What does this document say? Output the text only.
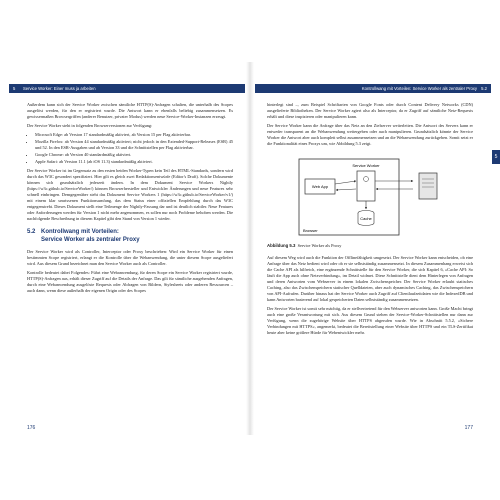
5 Service Worker: Einer muss ja arbeiten

Außerdem kann sich der Service Worker zwischen sämtliche HTTP(S)-Anfragen schalten, die unterhalb des Scopes ausgelöst werden, für den er registriert wurde. Die Antwort kann er ebenfalls beliebig zusammensetzen. Es gewissermaßen Browsergriffen (anderer Benutzer, privater Modus) werden neue Service-Worker-Instanzen erzeugt.

Der Service Worker steht in folgenden Browserversionen zur Verfügung:

• Microsoft Edge: ab Version 17 standardmäßig aktiviert, ab Version 15 per Flag aktivierbar.
• Mozilla Firefox: ab Version 44 standardmäßig aktiviert; nicht jedoch in den Extended-Support-Releases (ESR) 45 und 52. In den ESR-Ausgaben und ab Version 33 und die Schnittstellen per Flag aktivierbar.
• Google Chrome: ab Version 40 standardmäßig aktiviert.
• Apple Safari: ab Version 11.1 (ab iOS 11.3) standardmäßig aktiviert.

Der Service Worker ist im Gegensatz zu den ersten beiden Worker-Typen kein Teil des HTML-Standards, sondern wird durch das W3C gesondert spezifiziert. Hier gilt es gleich zwei Redaktionsentwürfe (Editor's Draft). Solche Dokumente können sich grundsätzlich jederzeit ändern. In dem Dokument Service Workers Nightly (https://w3c.github.io/ServiceWorker/) können Browserhersteller und Entwickler Änderungen und neue Features sehr schnell einbringen. Demgegenüber steht das Dokument Service Workers 1 (https://w3c.github.io/ServiceWorker/v1/) mit einem klar umrissenen Funktionsumfang, das dem Status einer offiziellen Empfehlung durch das W3C entgegenstrebt. Dieses Dokument stellt eine Teilmenge der Nightly-Fassung dar und ist deutlich stabiler. Neue Features oder Anforderungen werden für Version 1 nicht mehr angenommen, es sollen nur noch Probleme behoben werden. Die nachfolgende Beschreibung in diesem Kapitel gibt den Stand von Version 1 wieder.

5.2 Kontrollwang mit Vorteilen:
Service Worker als zentraler Proxy

Der Service Worker wird als Controller, Interceptor oder Proxy beschrieben: Wird ein Service Worker für einen bestimmten Scope registriert, erlangt er die Kontrolle über die Webanwendung, die unter diesem Scope ausgeliefert wird. Aus diesem Grund bezeichnet man den Service Worker auch als Controller.

Kontrolle bedeutet dabei Folgendes: Führt eine Webanwendung, für deren Scope ein Service Worker registriert wurde, HTTP(S)-Anfragen aus, erhält dieser Zugriff auf die Details der Anfrage. Das gilt für sämtliche ausgehenden Anfragen, durch eine Webanwendung ausgelöste Requests oder Abfragen von Bildern, Stylesheets oder anderen Ressourcen – auch dann, wenn diese außerhalb der eigenen Origin oder des Scopes

176
Kontrollwang mit Vorteilen: Service Worker als zentraler Proxy 5.2

hinterlegt sind –, zum Beispiel Schriftarten von Google Fonts oder durch Content Delivery Networks (CDN) ausgelieferte Bibliotheken. Der Service Worker agiert also als Interceptor, da er Zugriff auf sämtliche Netz-Requests erhält und diese inspizieren oder manipulieren kann.

Der Service Worker kann die Anfrage über das Netz an den Zielserver weiterleiten. Die Antwort des Servers kann er entweder transparent an die Webanwendung weitergeben oder auch manipulieren. Grundsätzlich könnte der Service Worker die Antwort aber auch komplett selbst zusammensetzen und an die Webanwendung zurückgeben. Somit setzt er die Funktionalität eines Proxys um, wie Abbildung 5.3 zeigt.

Web App
Service Worker
Cache
Browser
Abbildung 5.3 Service Worker als Proxy

Auf diesem Weg wird auch die Funktion der Offlinefähigkeit umgesetzt. Der Service Worker kann entscheiden, ob eine Anfrage über das Netz bedient wird oder ob er sie selbstständig zusammensetzt. In diesem Zusammenhang erweist sich die Cache API als hilfreich, eine ergänzende Schnittstelle für den Service Worker, die sich Kapitel 6, »Cache API: So läuft die App auch ohne Netzverbindung«, im Detail widmet. Diese Schnittstelle dient dem Hinterlegen von Anfragen und deren Antworten vom Webserver in einem lokalen Zwischenspeicher. Der Service Worker erlaubt statisches Caching, also das Zwischenspeichern statischer Quelldateien, aber auch dynamisches Caching, das Zwischenspeichern von API-Aufrufen. Darüber hinaus hat der Service Worker auch Zugriff auf Clientlaufzeitdaten wie die IndexedDB und kann Antworten basierend auf lokal gespeicherten Daten selbstständig zusammensetzen.

Der Service Worker ist somit sehr mächtig, da er stellvertretend für den Webserver antworten kann. Große Macht bringt auch eine große Verantwortung mit sich. Aus diesem Grund stehen der Service-Worker-Schnittstellen nur dann zur Verfügung, wenn die zugehörige Website über HTTPS abgerufen wurde. Wie in Abschnitt 5.5.2, »Sichere Verbindungen mit HTTPS«, angemerkt, bedeutet die Bereitstellung einer Website über HTTPS und ein TLS-Zertifikat heute aber keine größere Hürde für Webentwickler mehr.

177
5
